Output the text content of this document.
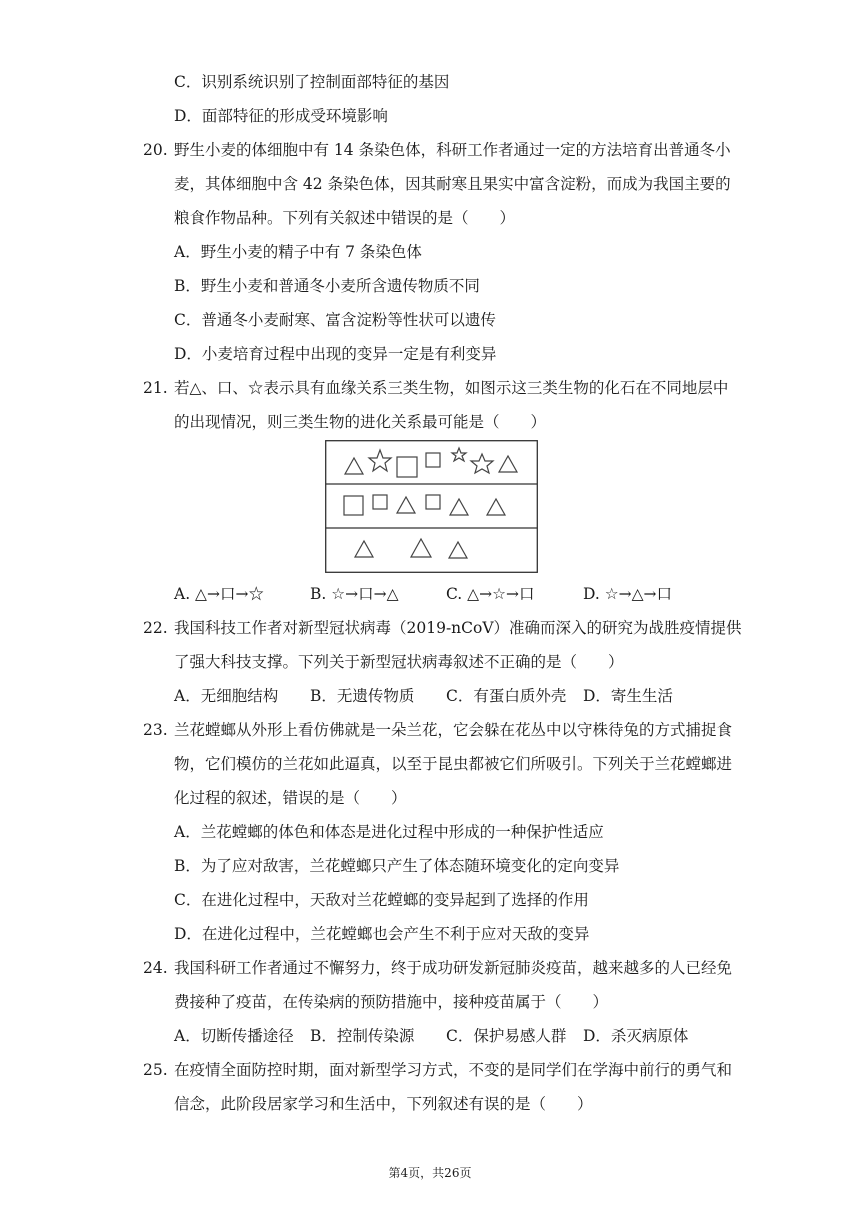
C．识别系统识别了控制面部特征的基因
D．面部特征的形成受环境影响
20. 野生小麦的体细胞中有 14 条染色体，科研工作者通过一定的方法培育出普通冬小
麦，其体细胞中含 42 条染色体，因其耐寒且果实中富含淀粉，而成为我国主要的
粮食作物品种。下列有关叙述中错误的是（　　）
A．野生小麦的精子中有 7 条染色体
B．野生小麦和普通冬小麦所含遗传物质不同
C．普通冬小麦耐寒、富含淀粉等性状可以遗传
D．小麦培育过程中出现的变异一定是有利变异
21. 若△、口、☆表示具有血缘关系三类生物，如图示这三类生物的化石在不同地层中
的出现情况，则三类生物的进化关系最可能是（　　）
A. △→口→☆	B. ☆→口→△	C. △→☆→口	D. ☆→△→口
22. 我国科技工作者对新型冠状病毒（2019-nCoV）准确而深入的研究为战胜疫情提供
了强大科技支撑。下列关于新型冠状病毒叙述不正确的是（　　）
A．无细胞结构 B．无遗传物质 C．有蛋白质外壳 D．寄生生活
23. 兰花螳螂从外形上看仿佛就是一朵兰花，它会躲在花丛中以守株待兔的方式捕捉食
物，它们模仿的兰花如此逼真，以至于昆虫都被它们所吸引。下列关于兰花螳螂进
化过程的叙述，错误的是（　　）
A．兰花螳螂的体色和体态是进化过程中形成的一种保护性适应
B．为了应对敌害，兰花螳螂只产生了体态随环境变化的定向变异
C．在进化过程中，天敌对兰花螳螂的变异起到了选择的作用
D．在进化过程中，兰花螳螂也会产生不利于应对天敌的变异
24. 我国科研工作者通过不懈努力，终于成功研发新冠肺炎疫苗，越来越多的人已经免
费接种了疫苗，在传染病的预防措施中，接种疫苗属于（　　）
A．切断传播途径 B．控制传染源 C．保护易感人群 D．杀灭病原体
25. 在疫情全面防控时期，面对新型学习方式，不变的是同学们在学海中前行的勇气和
信念，此阶段居家学习和生活中，下列叙述有误的是（　　）
第4页，共26页
